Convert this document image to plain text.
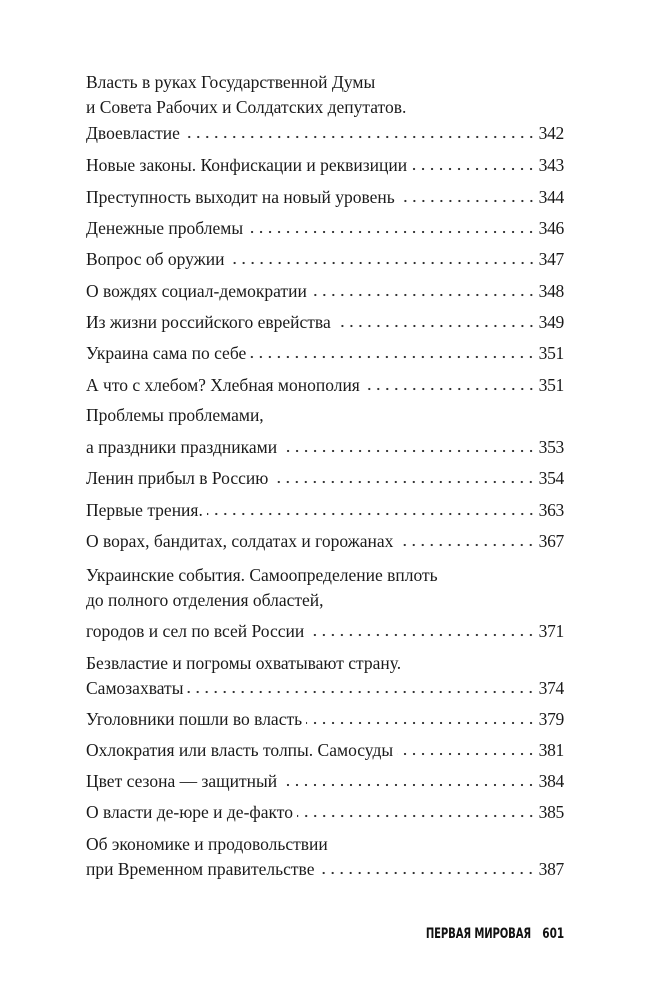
Власть в руках Государственной Думы
и Совета Рабочих и Солдатских депутатов.
Двоевластие	342
Новые законы. Конфискации и реквизиции	343
Преступность выходит на новый уровень	344
Денежные проблемы	346
Вопрос об оружии	347
О вождях социал-демократии	348
Из жизни российского еврейства	349
Украина сама по себе	351
А что с хлебом? Хлебная монополия	351
Проблемы проблемами,
а праздники праздниками	353
Ленин прибыл в Россию	354
Первые трения.	363
О ворах, бандитах, солдатах и горожанах	367
Украинские события. Самоопределение вплоть
до полного отделения областей,
городов и сел по всей России	371
Безвластие и погромы охватывают страну.
Самозахваты	374
Уголовники пошли во власть	379
Охлократия или власть толпы. Самосуды	381
Цвет сезона — защитный	384
О власти де-юре и де-факто	385
Об экономике и продовольствии
при Временном правительстве	387
ПЕРВАЯ МИРОВАЯ 601
